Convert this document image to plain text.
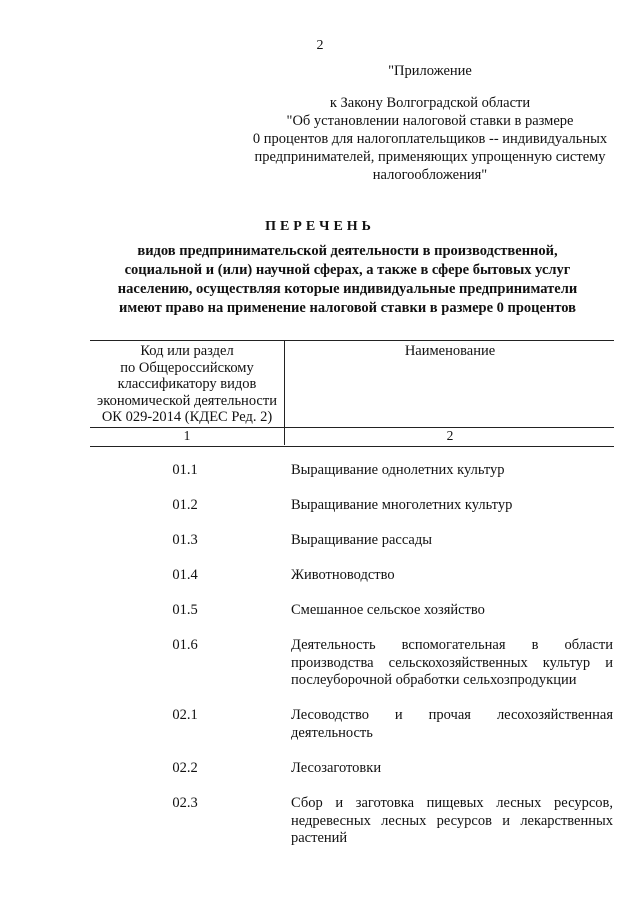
2
"Приложение
к Закону Волгоградской области
"Об установлении налоговой ставки в размере
0 процентов для налогоплательщиков -- индивидуальных
предпринимателей, применяющих упрощенную систему
налогообложения"
ПЕРЕЧЕНЬ
видов предпринимательской деятельности в производственной,
социальной и (или) научной сферах, а также в сфере бытовых услуг
населению, осуществляя которые индивидуальные предприниматели
имеют право на применение налоговой ставки в размере 0 процентов
Код или раздел
по Общероссийскому
классификатору видов
экономической деятельности
ОК 029-2014 (КДЕС Ред. 2)
Наименование
1	2
01.1	Выращивание однолетних культур
01.2	Выращивание многолетних культур
01.3	Выращивание рассады
01.4	Животноводство
01.5	Смешанное сельское хозяйство
01.6	Деятельность вспомогательная в области производства сельскохозяйственных культур и послеуборочной обработки сельхозпродукции
02.1	Лесоводство и прочая лесохозяйственная деятельность
02.2	Лесозаготовки
02.3	Сбор и заготовка пищевых лесных ресурсов, недревесных лесных ресурсов и лекарственных растений
